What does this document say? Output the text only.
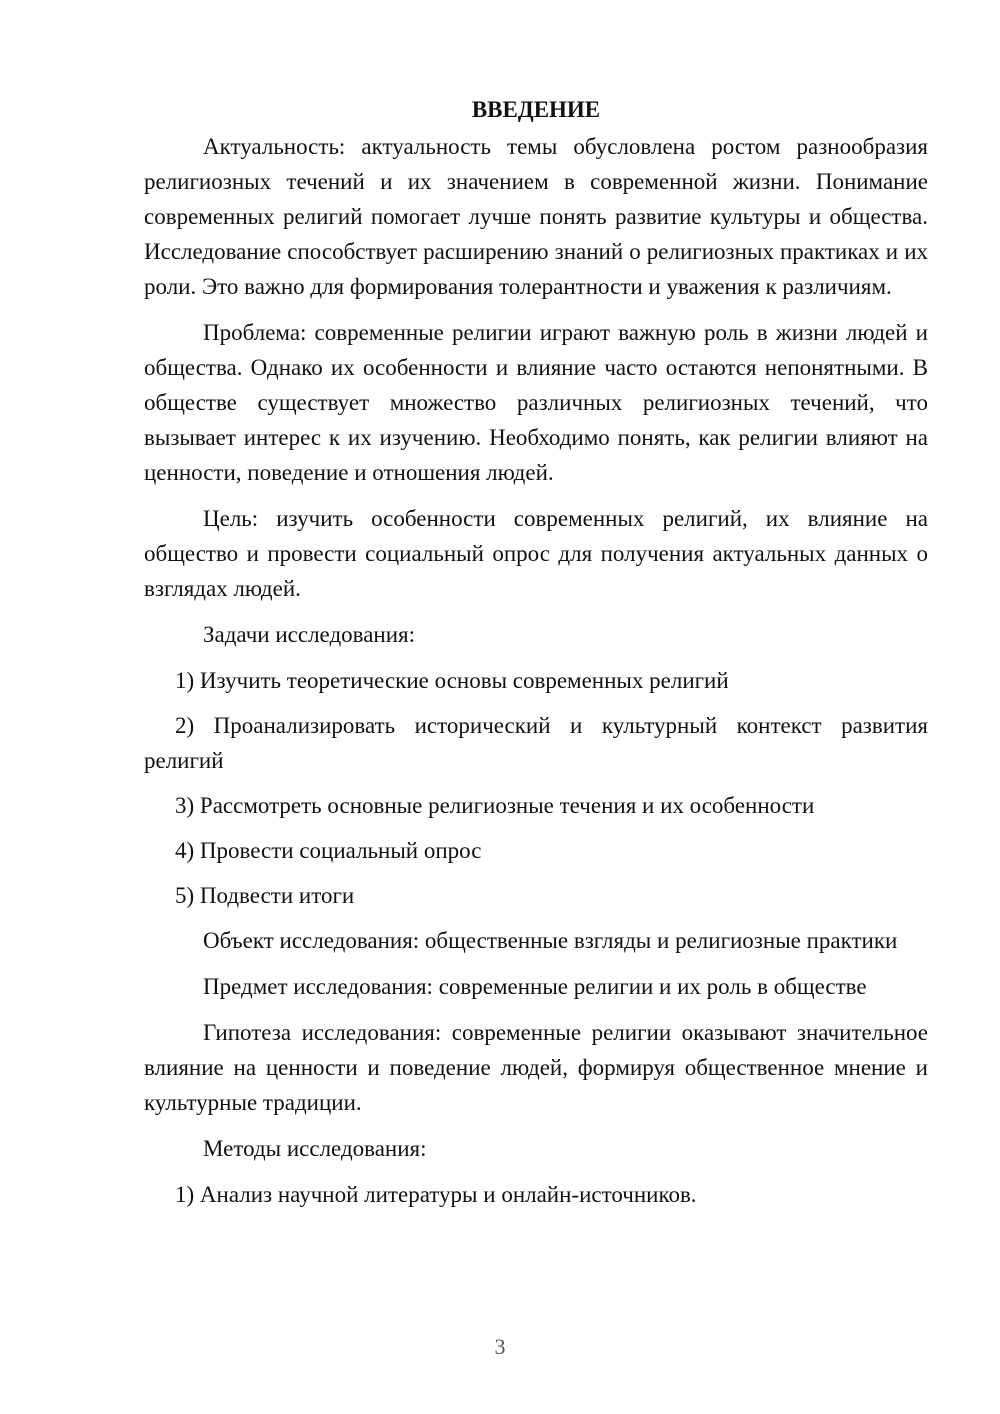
ВВЕДЕНИЕ

Актуальность: актуальность темы обусловлена ростом разнообразия религиозных течений и их значением в современной жизни. Понимание современных религий помогает лучше понять развитие культуры и общества. Исследование способствует расширению знаний о религиозных практиках и их роли. Это важно для формирования толерантности и уважения к различиям.

Проблема: современные религии играют важную роль в жизни людей и общества. Однако их особенности и влияние часто остаются непонятными. В обществе существует множество различных религиозных течений, что вызывает интерес к их изучению. Необходимо понять, как религии влияют на ценности, поведение и отношения людей.

Цель: изучить особенности современных религий, их влияние на общество и провести социальный опрос для получения актуальных данных о взглядах людей.

Задачи исследования:

1) Изучить теоретические основы современных религий

2) Проанализировать исторический и культурный контекст развития религий

3) Рассмотреть основные религиозные течения и их особенности

4) Провести социальный опрос

5) Подвести итоги

Объект исследования: общественные взгляды и религиозные практики

Предмет исследования: современные религии и их роль в обществе

Гипотеза исследования: современные религии оказывают значительное влияние на ценности и поведение людей, формируя общественное мнение и культурные традиции.

Методы исследования:

1) Анализ научной литературы и онлайн-источников.

3
